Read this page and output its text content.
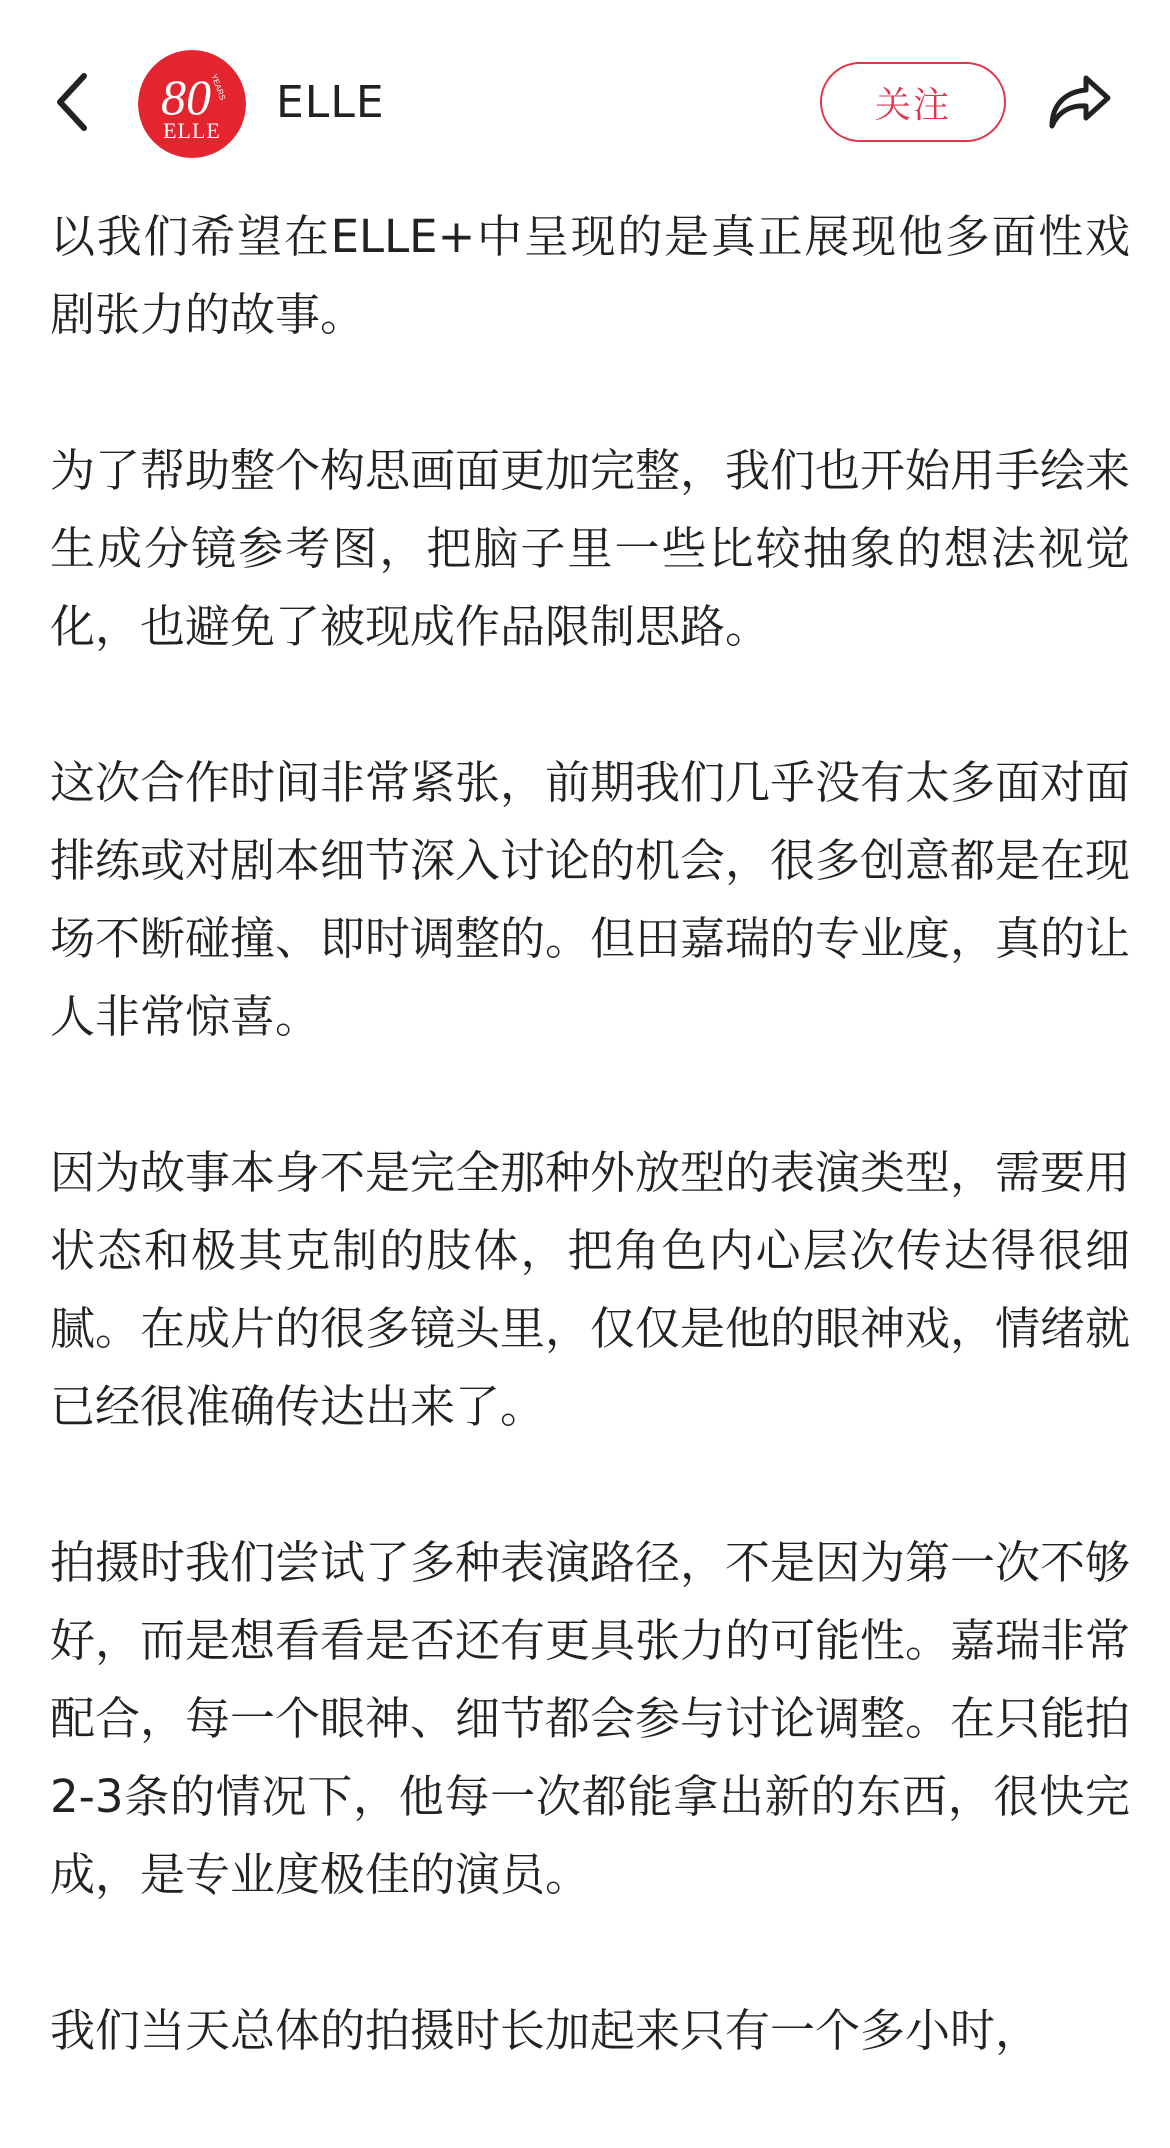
80
YEARS
ELLE
ELLE	关注

以我们希望在ELLE+中呈现的是真正展现他多面性戏剧张力的故事。

为了帮助整个构思画面更加完整，我们也开始用手绘来生成分镜参考图，把脑子里一些比较抽象的想法视觉化，也避免了被现成作品限制思路。

这次合作时间非常紧张，前期我们几乎没有太多面对面排练或对剧本细节深入讨论的机会，很多创意都是在现场不断碰撞、即时调整的。但田嘉瑞的专业度，真的让人非常惊喜。

因为故事本身不是完全那种外放型的表演类型，需要用状态和极其克制的肢体，把角色内心层次传达得很细腻。在成片的很多镜头里，仅仅是他的眼神戏，情绪就已经很准确传达出来了。

拍摄时我们尝试了多种表演路径，不是因为第一次不够好，而是想看看是否还有更具张力的可能性。嘉瑞非常配合，每一个眼神、细节都会参与讨论调整。在只能拍2-3条的情况下，他每一次都能拿出新的东西，很快完成，是专业度极佳的演员。

我们当天总体的拍摄时长加起来只有一个多小时，
